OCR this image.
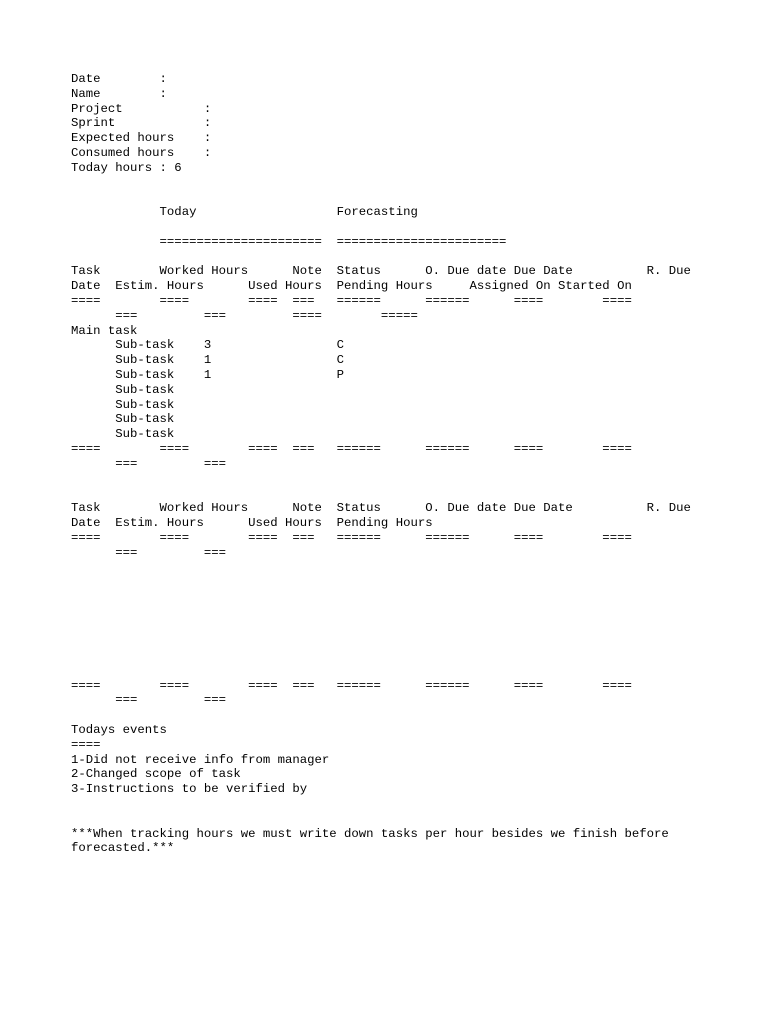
Date        :
Name        :
Project           :
Sprint            :
Expected hours    :
Consumed hours    :
Today hours : 6
Today                   Forecasting
======================  =======================
Task        Worked Hours      Note  Status      O. Due date Due Date          R. Due
Date  Estim. Hours      Used Hours  Pending Hours     Assigned On Started On
====        ====        ====  ===   ======      ======      ====        ====
===         ===         ====        =====
Main task
Sub-task    3                 C
Sub-task    1                 C
Sub-task    1                 P
Sub-task
Sub-task
Sub-task
Sub-task
====        ====        ====  ===   ======      ======      ====        ====
===         ===
Task        Worked Hours      Note  Status      O. Due date Due Date          R. Due
Date  Estim. Hours      Used Hours  Pending Hours
====        ====        ====  ===   ======      ======      ====        ====
===         ===
====        ====        ====  ===   ======      ======      ====        ====
===         ===
Todays events
====
1-Did not receive info from manager
2-Changed scope of task
3-Instructions to be verified by
***When tracking hours we must write down tasks per hour besides we finish before
forecasted.***
